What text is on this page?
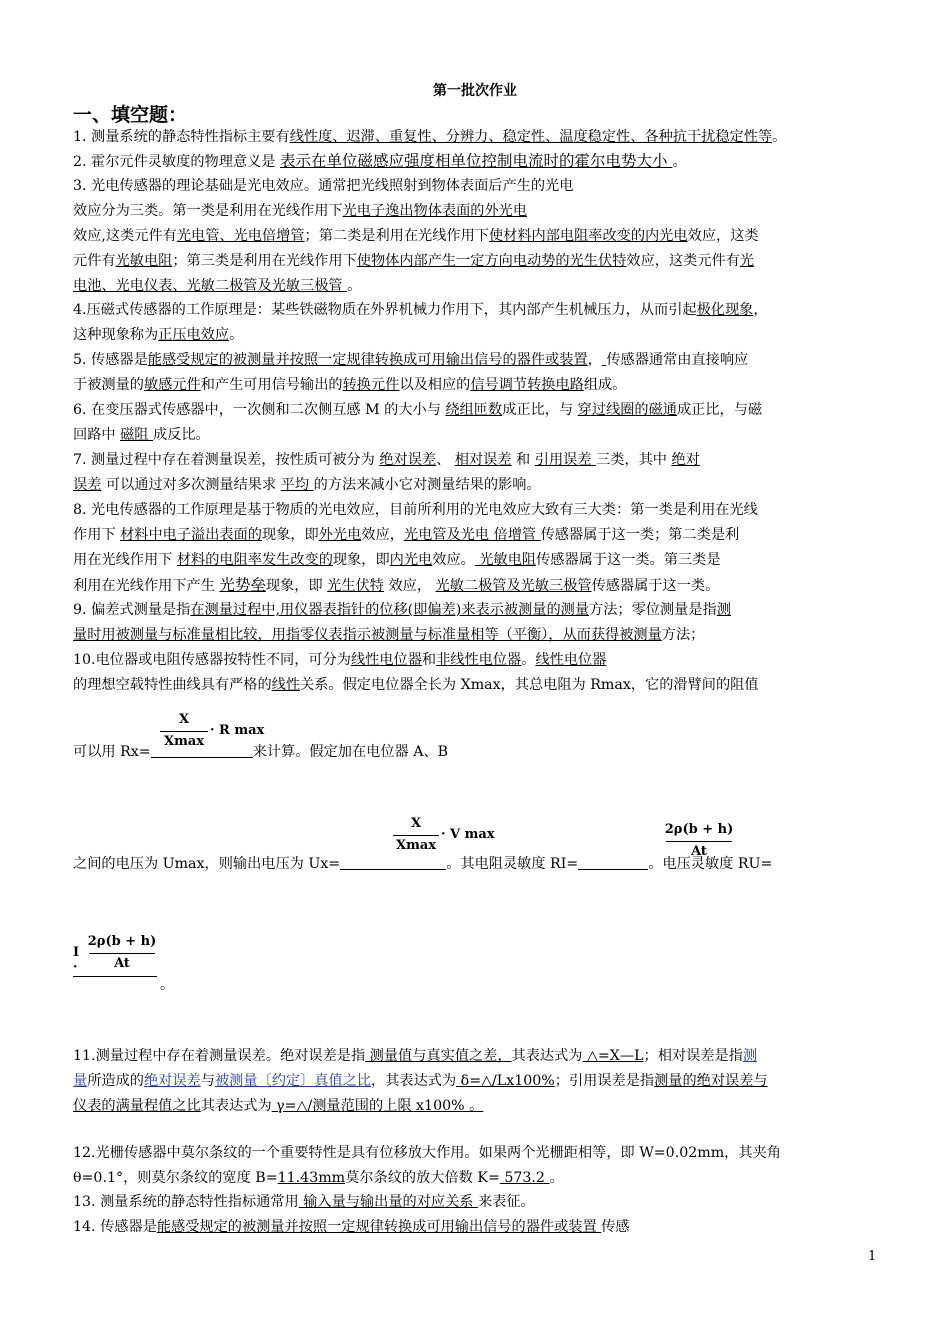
第一批次作业
一、填空题：
1. 测量系统的静态特性指标主要有线性度、迟滞、重复性、分辨力、稳定性、温度稳定性、各种抗干扰稳定性等。
2. 霍尔元件灵敏度的物理意义是 表示在单位磁感应强度相单位控制电流时的霍尔电势大小 。
3. 光电传感器的理论基础是光电效应。通常把光线照射到物体表面后产生的光电
效应分为三类。第一类是利用在光线作用下光电子逸出物体表面的外光电
效应,这类元件有光电管、光电倍增管；第二类是利用在光线作用下使材料内部电阻率改变的内光电效应，这类
元件有光敏电阻；第三类是利用在光线作用下使物体内部产生一定方向电动势的光生伏特效应，这类元件有光
电池、光电仪表、光敏二极管及光敏三极管 。
4.压磁式传感器的工作原理是：某些铁磁物质在外界机械力作用下，其内部产生机械压力，从而引起极化现象，
这种现象称为正压电效应。
5. 传感器是能感受规定的被测量并按照一定规律转换成可用输出信号的器件或装置， 传感器通常由直接响应
于被测量的敏感元件和产生可用信号输出的转换元件以及相应的信号调节转换电路组成。
6. 在变压器式传感器中，一次侧和二次侧互感 M 的大小与 绕组匝数成正比，与 穿过线圈的磁通成正比，与磁
回路中 磁阻 成反比。
7. 测量过程中存在着测量误差，按性质可被分为 绝对误差、 相对误差 和 引用误差 三类，其中 绝对
误差 可以通过对多次测量结果求 平均 的方法来减小它对测量结果的影响。
8. 光电传感器的工作原理是基于物质的光电效应，目前所利用的光电效应大致有三大类：第一类是利用在光线
作用下 材料中电子溢出表面的现象，即外光电效应，光电管及光电 倍增管 传感器属于这一类；第二类是利
用在光线作用下 材料的电阻率发生改变的现象，即内光电效应。 光敏电阻传感器属于这一类。第三类是
利用在光线作用下产生 光势垒现象，即 光生伏特 效应， 光敏二极管及光敏三极管传感器属于这一类。
9. 偏差式测量是指在测量过程中,用仪器表指针的位移(即偏差)来表示被测量的测量方法；零位测量是指测
量时用被测量与标准量相比较，用指零仪表指示被测量与标准量相等（平衡），从而获得被测量方法；
10.电位器或电阻传感器按特性不同，可分为线性电位器和非线性电位器。线性电位器
的理想空载特性曲线具有严格的线性关系。假定电位器全长为 Xmax，其总电阻为 Rmax，它的滑臂间的阻值
可以用 Rx=	来计算。假定加在电位器 A、B
X
Xmax
· R max
之间的电压为 Umax，则输出电压为 Ux=	。其电阻灵敏度 RI=	。电压灵敏度 RU=
X
Xmax
· V max	2ρ(b + h)
At
I ·
2ρ(b + h)
At
。
11.测量过程中存在着测量误差。绝对误差是指 测量值与真实值之差，其表达式为 △=X—L；相对误差是指测
量所造成的绝对误差与被测量〔约定〕真值之比，其表达式为 δ=△/Lx100%；引用误差是指测量的绝对误差与
仪表的满量程值之比其表达式为 γ=△/测量范围的上限 x100% 。
12.光栅传感器中莫尔条纹的一个重要特性是具有位移放大作用。如果两个光栅距相等，即 W=0.02mm，其夹角
θ=0.1°，则莫尔条纹的宽度 B=11.43mm莫尔条纹的放大倍数 K= 573.2 。
13. 测量系统的静态特性指标通常用 输入量与输出量的对应关系 来表征。
14. 传感器是能感受规定的被测量并按照一定规律转换成可用输出信号的器件或装置 传感
1
